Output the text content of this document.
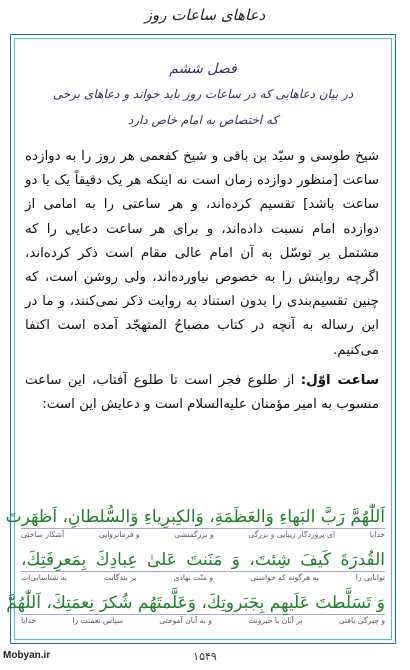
دعاهای ساعات روز
فصل ششم
در بیان دعاهایی که در ساعات روز باید خواند و دعاهای برخی
که اختصاص به امام خاص دارد

شیخ طوسی و سیّد بن باقی و شیخ کفعمی هر روز را به دوازده ساعت [منظور دوازده زمان است نه اینکه هر یک دقیقاً یک یا دو ساعت باشد] تقسیم کرده‌اند، و هر ساعتی را به امامی از دوازده امام نسبت داده‌اند، و برای هر ساعت دعایی را که مشتمل بر توسّل به آن امام عالی مقام است ذکر کرده‌اند، اگرچه روایتش را به خصوص نیاورده‌اند، ولی روشن است، که چنین تقسیم‌بندی را بدون استناد به روایت ذکر نمی‌کنند، و ما در این رساله به آنچه در کتاب مصباحُ المتهجّد آمده است اکتفا می‌کنیم.

ساعت اوّل: از طلوع فجر است تا طلوع آفتاب، این ساعت منسوب به امیر مؤمنان عليه‌السلام است و دعایش این است:

اَللّٰهُمَّ رَبَّ البَهاءِ وَالعَظَمَةِ، وَالكِبرِياءِ وَالسُّلطانِ، اَظهَرتَ
خدایا
ای پروردگار زیبایی و بزرگی
و بزرگمنشی
و فرمانروایی
آشکار ساختی
القُدرَةَ كَيفَ شِئتَ، وَ مَنَنتَ عَلىٰ عِبادِكَ بِمَعرِفَتِكَ،
توانایی را
به هرگونه که خواستی
و منّت نهادی
بر بندگانت
به شناسایی‌ات
وَ تَسَلَّطتَ عَلَيهِم بِجَبَروتِكَ، وَعَلَّمتَهُم شُكرَ نِعمَتِكَ، اَللّٰهُمَّ
و چیرگی یافتی
بر آنان با جبروتت
و به آنان آموختی
سپاس نعمتت را
خدایا
Mobyan.ir	۱۵۴۹
